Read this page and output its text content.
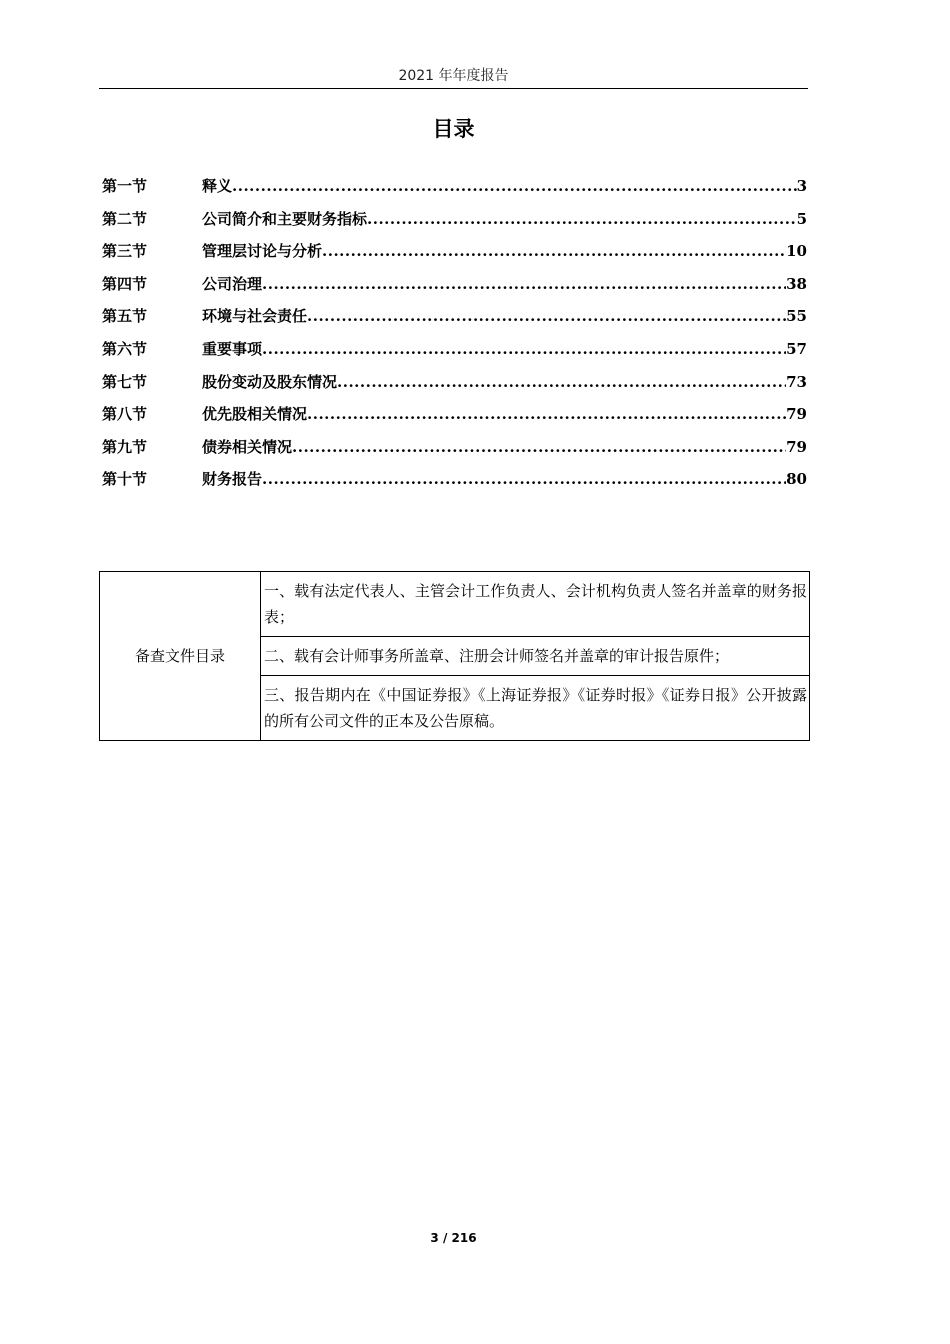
2021 年年度报告
目录
第一节	释义 .....	3
第二节	公司简介和主要财务指标 .....	5
第三节	管理层讨论与分析 .....	10
第四节	公司治理 .....	38
第五节	环境与社会责任 .....	55
第六节	重要事项 .....	57
第七节	股份变动及股东情况 .....	73
第八节	优先股相关情况 .....	79
第九节	债券相关情况 .....	79
第十节	财务报告 .....	80
备查文件目录	一、载有法定代表人、主管会计工作负责人、会计机构负责人签名并盖章的财务报表；
二、载有会计师事务所盖章、注册会计师签名并盖章的审计报告原件；
三、报告期内在《中国证券报》《上海证券报》《证券时报》《证券日报》公开披露的所有公司文件的正本及公告原稿。
3 / 216
